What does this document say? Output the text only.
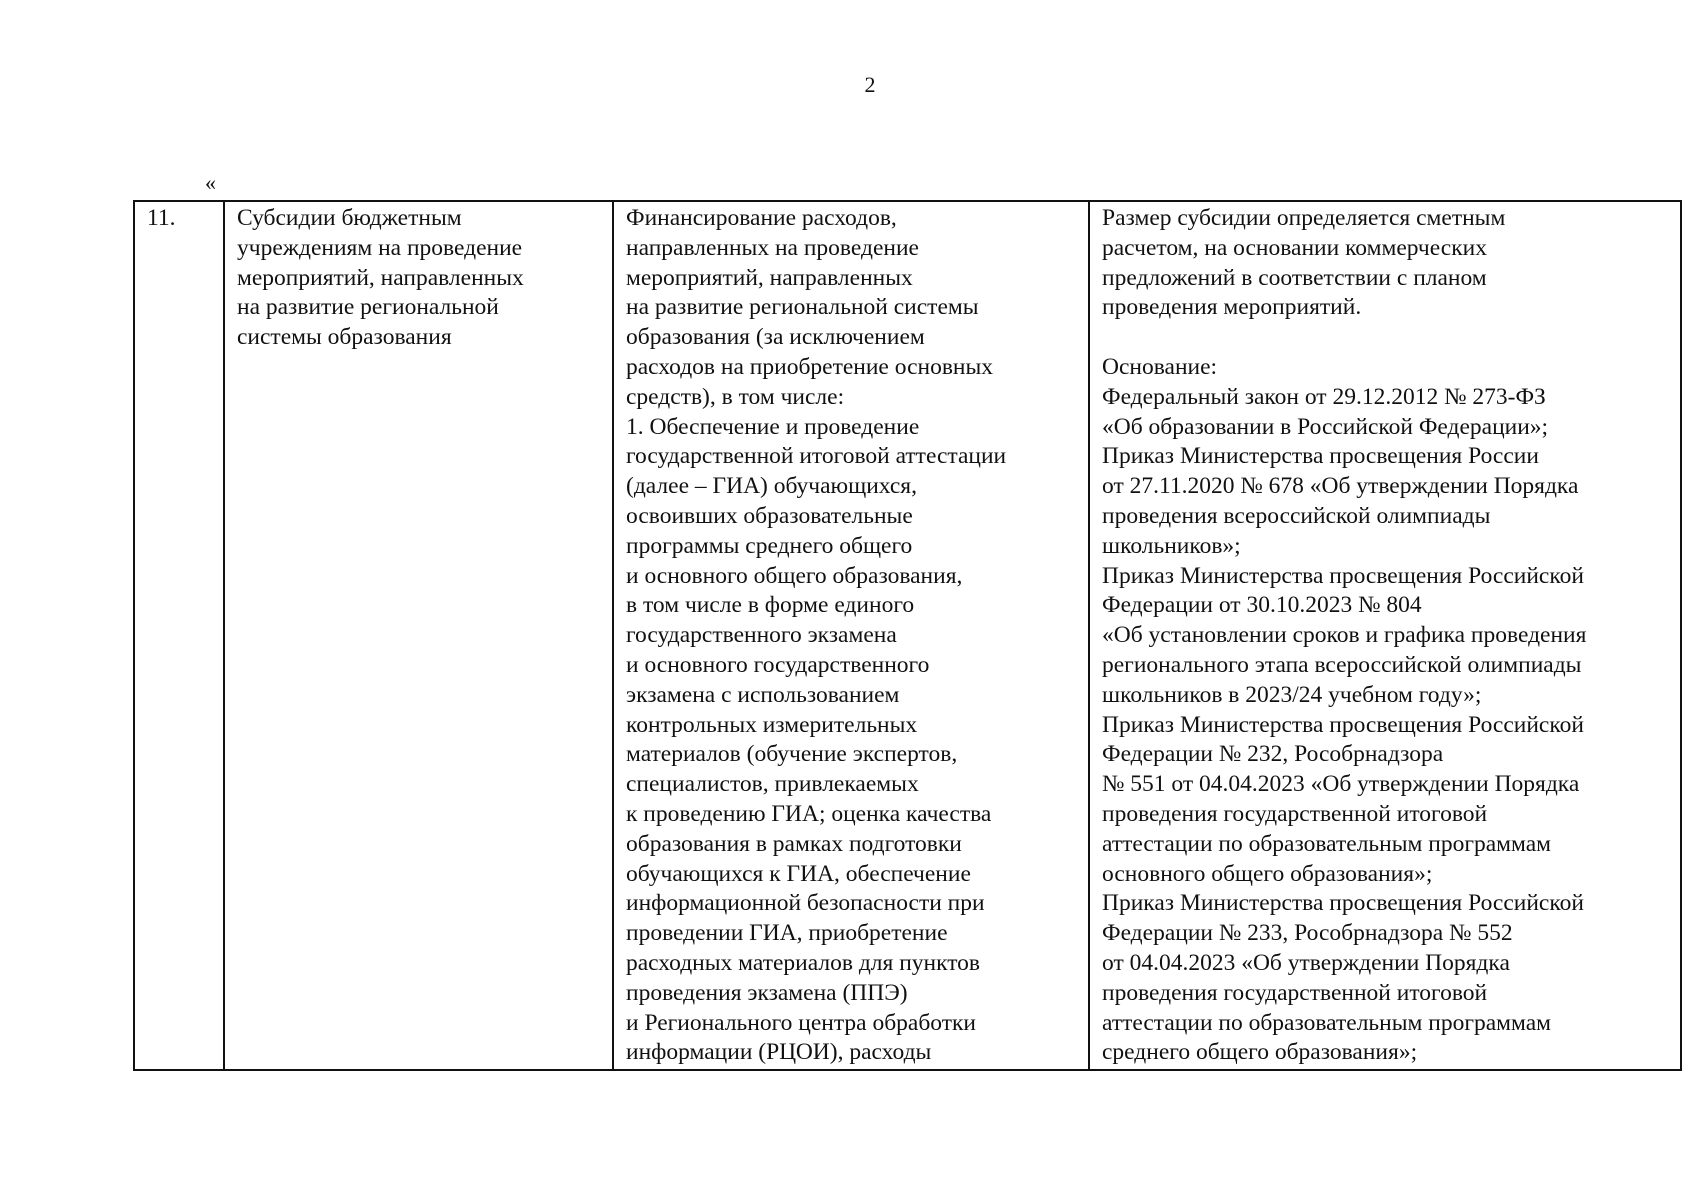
2
«
11.	Субсидии бюджетным
учреждениям на проведение
мероприятий, направленных
на развитие региональной
системы образования	Финансирование расходов,
направленных на проведение
мероприятий, направленных
на развитие региональной системы
образования (за исключением
расходов на приобретение основных
средств), в том числе:
1. Обеспечение и проведение
государственной итоговой аттестации
(далее – ГИА) обучающихся,
освоивших образовательные
программы среднего общего
и основного общего образования,
в том числе в форме единого
государственного экзамена
и основного государственного
экзамена с использованием
контрольных измерительных
материалов (обучение экспертов,
специалистов, привлекаемых
к проведению ГИА; оценка качества
образования в рамках подготовки
обучающихся к ГИА, обеспечение
информационной безопасности при
проведении ГИА, приобретение
расходных материалов для пунктов
проведения экзамена (ППЭ)
и Регионального центра обработки
информации (РЦОИ), расходы	Размер субсидии определяется сметным
расчетом, на основании коммерческих
предложений в соответствии с планом
проведения мероприятий.

Основание:
Федеральный закон от 29.12.2012 № 273-ФЗ
«Об образовании в Российской Федерации»;
Приказ Министерства просвещения России
от 27.11.2020 № 678 «Об утверждении Порядка
проведения всероссийской олимпиады
школьников»;
Приказ Министерства просвещения Российской
Федерации от 30.10.2023 № 804
«Об установлении сроков и графика проведения
регионального этапа всероссийской олимпиады
школьников в 2023/24 учебном году»;
Приказ Министерства просвещения Российской
Федерации № 232, Рособрнадзора
№ 551 от 04.04.2023 «Об утверждении Порядка
проведения государственной итоговой
аттестации по образовательным программам
основного общего образования»;
Приказ Министерства просвещения Российской
Федерации № 233, Рособрнадзора № 552
от 04.04.2023 «Об утверждении Порядка
проведения государственной итоговой
аттестации по образовательным программам
среднего общего образования»;
